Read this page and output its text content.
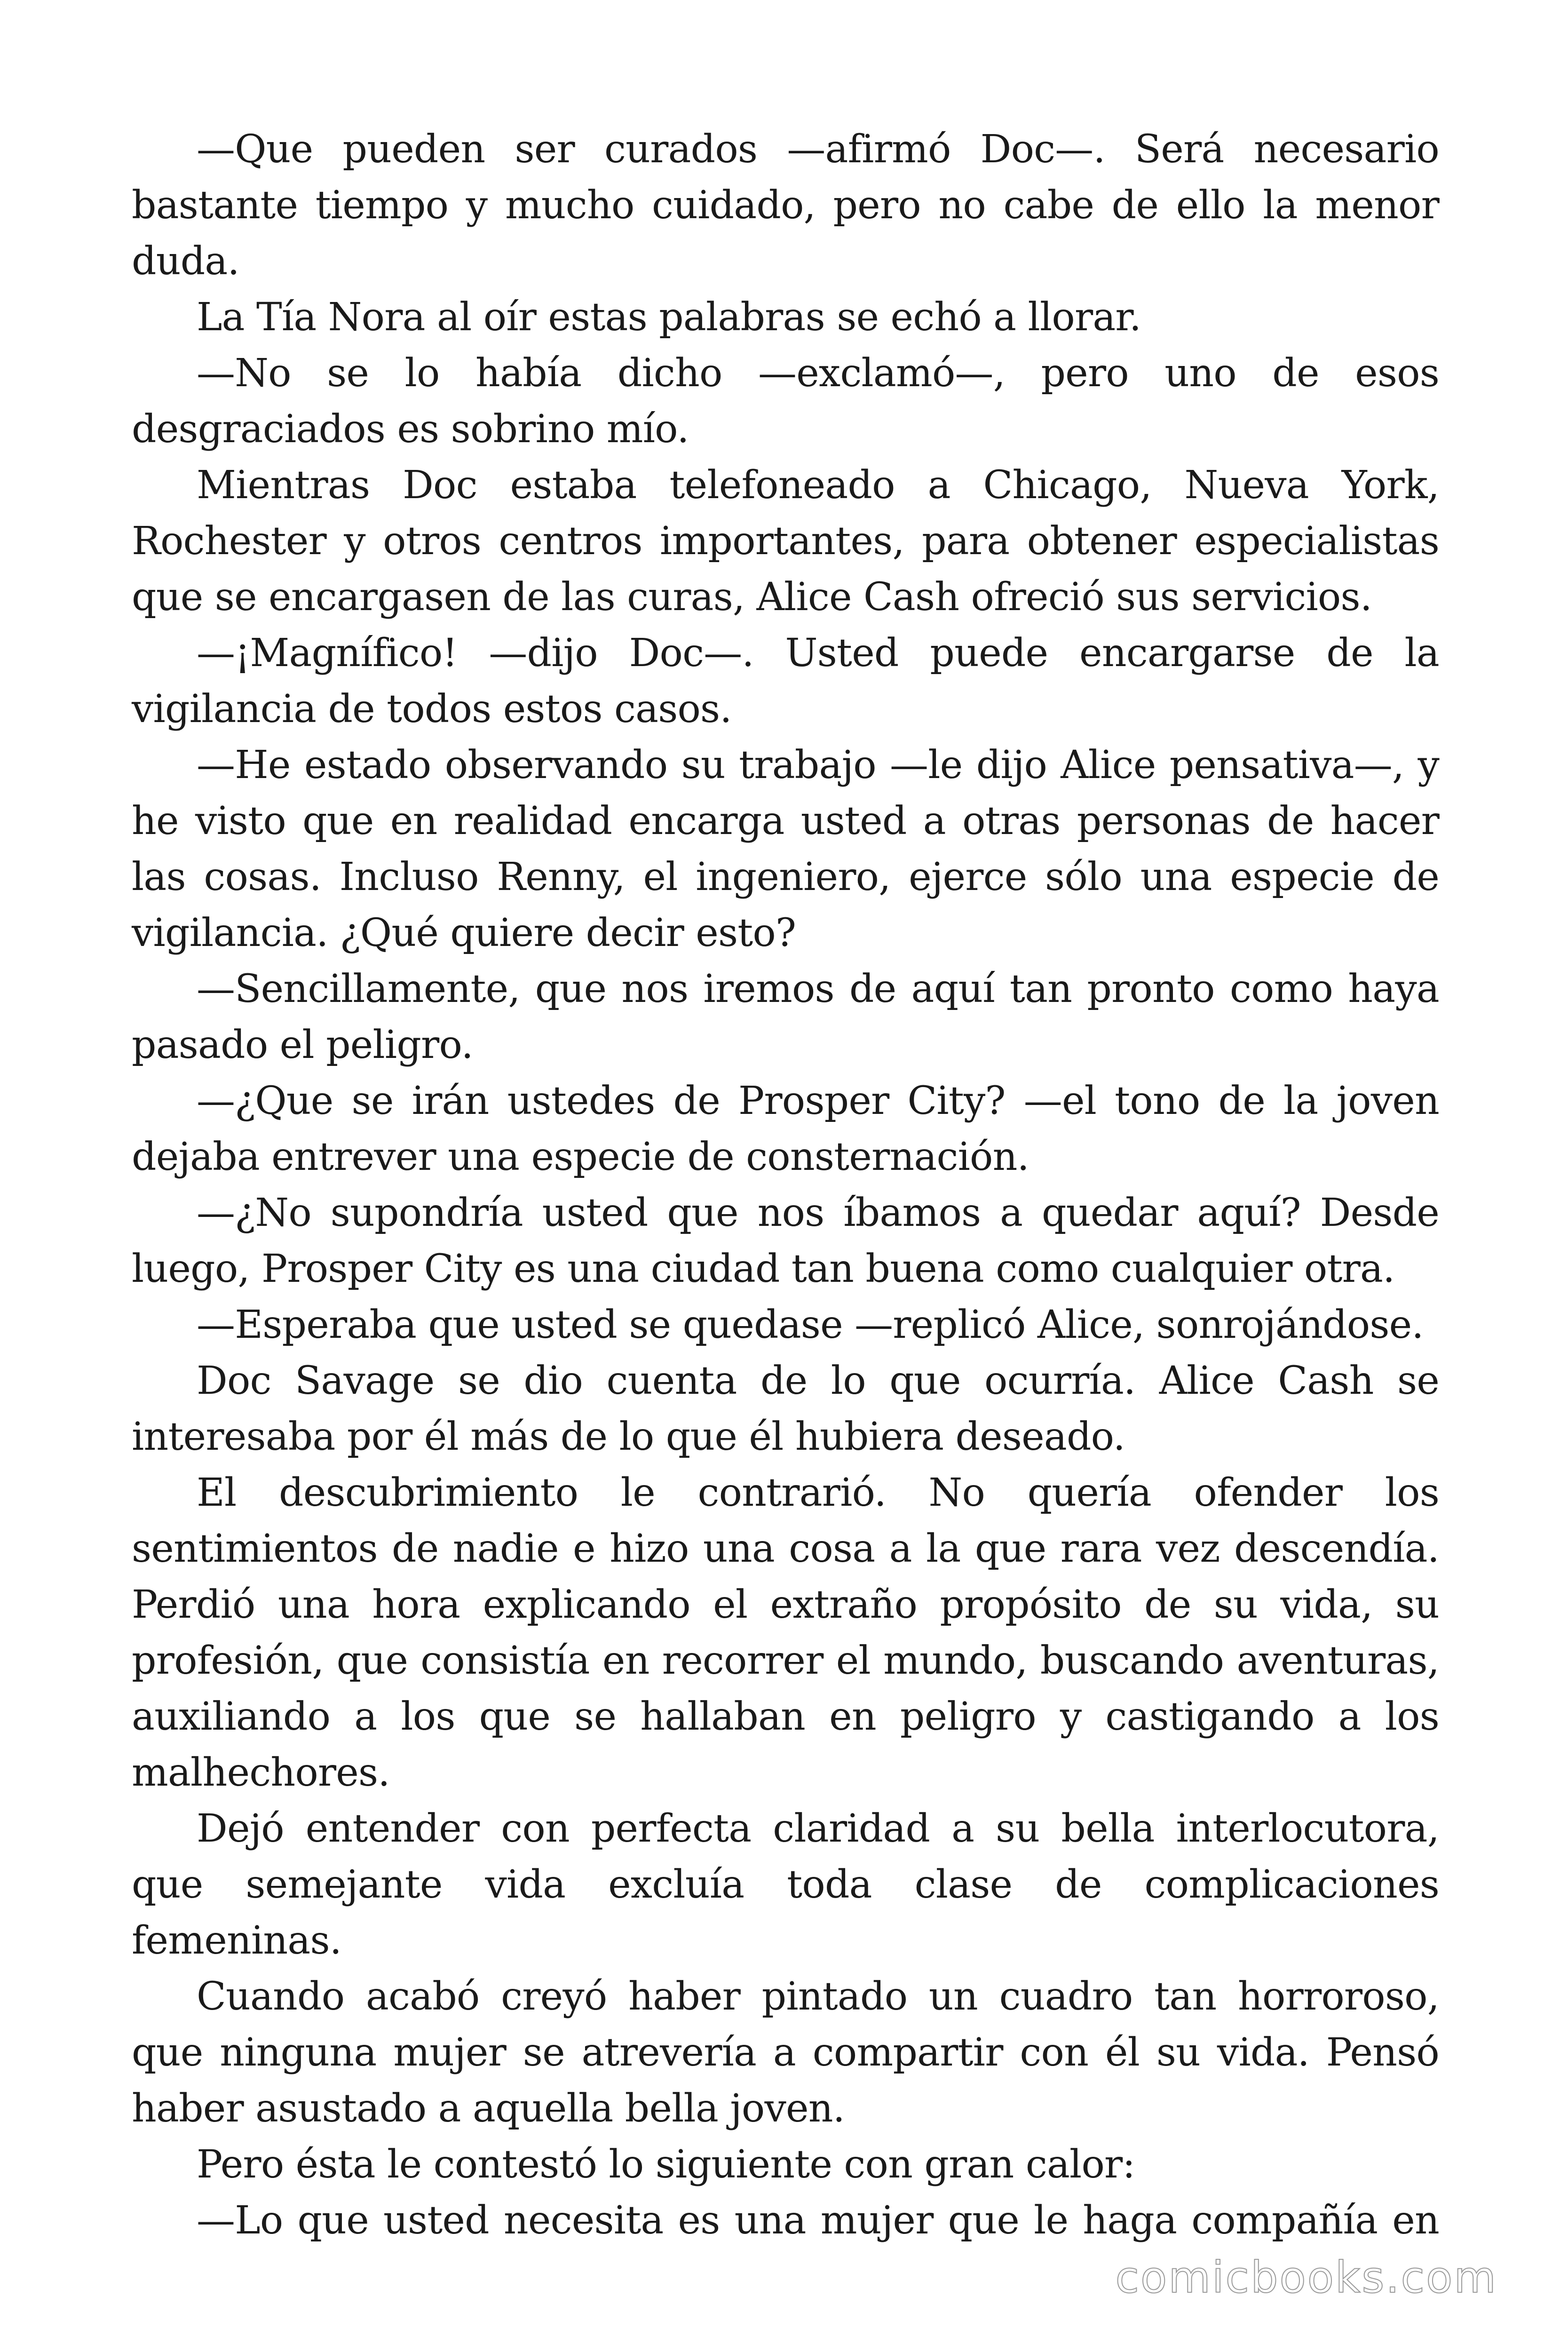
—Que pueden ser curados —afirmó Doc—. Será necesario bastante tiempo y mucho cuidado, pero no cabe de ello la menor duda.

La Tía Nora al oír estas palabras se echó a llorar.

—No se lo había dicho —exclamó—, pero uno de esos desgraciados es sobrino mío.

Mientras Doc estaba telefoneado a Chicago, Nueva York, Rochester y otros centros importantes, para obtener especialistas que se encargasen de las curas, Alice Cash ofreció sus servicios.

—¡Magnífico! —dijo Doc—. Usted puede encargarse de la vigilancia de todos estos casos.

—He estado observando su trabajo —le dijo Alice pensativa—, y he visto que en realidad encarga usted a otras personas de hacer las cosas. Incluso Renny, el ingeniero, ejerce sólo una especie de vigilancia. ¿Qué quiere decir esto?

—Sencillamente, que nos iremos de aquí tan pronto como haya pasado el peligro.

—¿Que se irán ustedes de Prosper City? —el tono de la joven dejaba entrever una especie de consternación.

—¿No supondría usted que nos íbamos a quedar aquí? Desde luego, Prosper City es una ciudad tan buena como cualquier otra.

—Esperaba que usted se quedase —replicó Alice, sonrojándose.

Doc Savage se dio cuenta de lo que ocurría. Alice Cash se interesaba por él más de lo que él hubiera deseado.

El descubrimiento le contrarió. No quería ofender los sentimientos de nadie e hizo una cosa a la que rara vez descendía. Perdió una hora explicando el extraño propósito de su vida, su profesión, que consistía en recorrer el mundo, buscando aventuras, auxiliando a los que se hallaban en peligro y castigando a los malhechores.

Dejó entender con perfecta claridad a su bella interlocutora, que semejante vida excluía toda clase de complicaciones femeninas.

Cuando acabó creyó haber pintado un cuadro tan horroroso, que ninguna mujer se atrevería a compartir con él su vida. Pensó haber asustado a aquella bella joven.

Pero ésta le contestó lo siguiente con gran calor:

—Lo que usted necesita es una mujer que le haga compañía en

comicbooks.com
